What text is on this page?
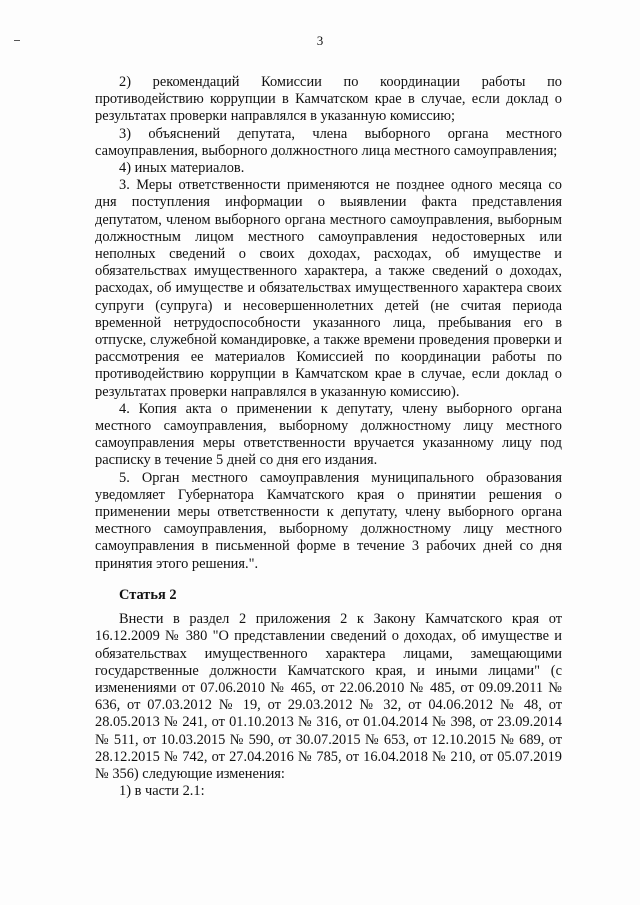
3

2) рекомендаций Комиссии по координации работы по противодействию коррупции в Камчатском крае в случае, если доклад о результатах проверки направлялся в указанную комиссию;

3) объяснений депутата, члена выборного органа местного самоуправления, выборного должностного лица местного самоуправления;

4) иных материалов.

3. Меры ответственности применяются не позднее одного месяца со дня поступления информации о выявлении факта представления депутатом, членом выборного органа местного самоуправления, выборным должностным лицом местного самоуправления недостоверных или неполных сведений о своих доходах, расходах, об имуществе и обязательствах имущественного характера, а также сведений о доходах, расходах, об имуществе и обязательствах имущественного характера своих супруги (супруга) и несовершеннолетних детей (не считая периода временной нетрудоспособности указанного лица, пребывания его в отпуске, служебной командировке, а также времени проведения проверки и рассмотрения ее материалов Комиссией по координации работы по противодействию коррупции в Камчатском крае в случае, если доклад о результатах проверки направлялся в указанную комиссию).

4. Копия акта о применении к депутату, члену выборного органа местного самоуправления, выборному должностному лицу местного самоуправления меры ответственности вручается указанному лицу под расписку в течение 5 дней со дня его издания.

5. Орган местного самоуправления муниципального образования уведомляет Губернатора Камчатского края о принятии решения о применении меры ответственности к депутату, члену выборного органа местного самоуправления, выборному должностному лицу местного самоуправления в письменной форме в течение 3 рабочих дней со дня принятия этого решения.".

Статья 2

Внести в раздел 2 приложения 2 к Закону Камчатского края от 16.12.2009 № 380 "О представлении сведений о доходах, об имуществе и обязательствах имущественного характера лицами, замещающими государственные должности Камчатского края, и иными лицами" (с изменениями от 07.06.2010 № 465, от 22.06.2010 № 485, от 09.09.2011 № 636, от 07.03.2012 № 19, от 29.03.2012 № 32, от 04.06.2012 № 48, от 28.05.2013 № 241, от 01.10.2013 № 316, от 01.04.2014 № 398, от 23.09.2014 № 511, от 10.03.2015 № 590, от 30.07.2015 № 653, от 12.10.2015 № 689, от 28.12.2015 № 742, от 27.04.2016 № 785, от 16.04.2018 № 210, от 05.07.2019 № 356) следующие изменения:

1) в части 2.1:
